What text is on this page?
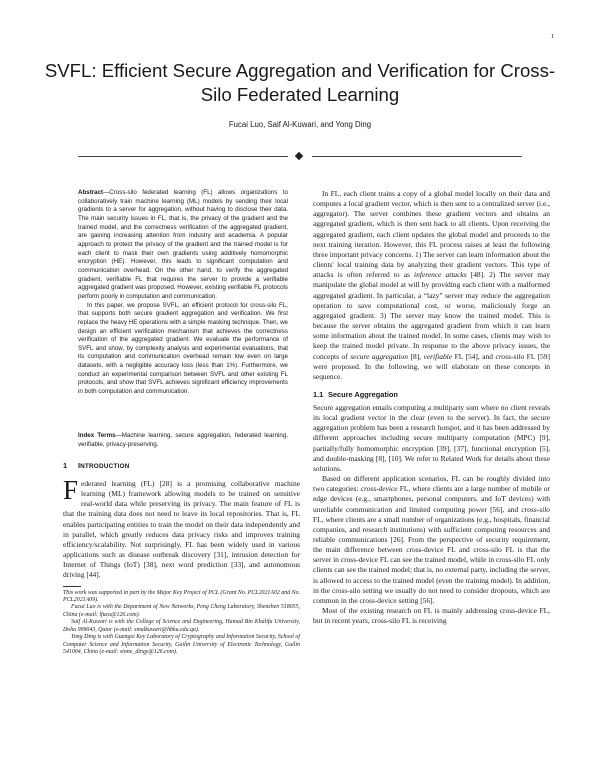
1
SVFL: Efficient Secure Aggregation and Verification for Cross-Silo Federated Learning
Fucai Luo, Saif Al-Kuwari, and Yong Ding

Abstract—Cross-silo federated learning (FL) allows organizations to collaboratively train machine learning (ML) models by sending their local gradients to a server for aggregation, without having to disclose their data. The main security issues in FL, that is, the privacy of the gradient and the trained model, and the correctness verification of the aggregated gradient, are gaining increasing attention from industry and academia. A popular approach to protect the privacy of the gradient and the trained model is for each client to mask their own gradients using additively homomorphic encryption (HE). However, this leads to significant computation and communication overhead. On the other hand, to verify the aggregated gradient, verifiable FL that requires the server to provide a verifiable aggregated gradient was proposed. However, existing verifiable FL protocols perform poorly in computation and communication.

In this paper, we propose SVFL, an efficient protocol for cross-silo FL, that supports both secure gradient aggregation and verification. We first replace the heavy HE operations with a simple masking technique. Then, we design an efficient verification mechanism that achieves the correctness verification of the aggregated gradient. We evaluate the performance of SVFL and show, by complexity analysis and experimental evaluations, that its computation and communication overhead remain low even on large datasets, with a negligible accuracy loss (less than 1%). Furthermore, we conduct an experimental comparison between SVFL and other existing FL protocols, and show that SVFL achieves significant efficiency improvements in both computation and communication.

Index Terms—Machine learning, secure aggregation, federated learning, verifiable, privacy-preserving.

1 INTRODUCTION

Federated learning (FL) [28] is a promising collaborative machine learning (ML) framework allowing models to be trained on sensitive real-world data while preserving its privacy. The main feature of FL is that the training data does not need to leave its local repositories. That is, FL enables participating entities to train the model on their data independently and in parallel, which greatly reduces data privacy risks and improves training efficiency/scalability. Not surprisingly, FL has been widely used in various applications such as disease outbreak discovery [31], intrusion detection for Internet of Things (IoT) [38], next word prediction [33], and autonomous driving [44].

This work was supported in part by the Major Key Project of PCL (Grant No. PCL2021A02 and No. PCL2021A09).

Fucai Luo is with the Department of New Networks, Peng Cheng Laboratory, Shenzhen 518055, China (e-mail: lfuca@126.com).

Saif Al-Kuwari is with the College of Science and Engineering, Hamad Bin Khalifa University, Doha 999043, Qatar (e-mail: smalkuwari@hbku.edu.qa).

Yong Ding is with Guangxi Key Laboratory of Cryptography and Information Security, School of Computer Science and Information Security, Guilin University of Electronic Technology, Guilin 541004, China (e-mail: stone_dingy@126.com).

In FL, each client trains a copy of a global model locally on their data and computes a local gradient vector, which is then sent to a centralized server (i.e., aggregator). The server combines these gradient vectors and obtains an aggregated gradient, which is then sent back to all clients. Upon receiving the aggregated gradient, each client updates the global model and proceeds to the next training iteration. However, this FL process raises at least the following three important privacy concerns. 1) The server can learn information about the clients' local training data by analyzing their gradient vectors. This type of attacks is often referred to as inference attacks [48]. 2) The server may manipulate the global model at will by providing each client with a malformed aggregated gradient. In particular, a “lazy” server may reduce the aggregation operation to save computational cost, or worse, maliciously forge an aggregated gradient. 3) The server may know the trained model. This is because the server obtains the aggregated gradient from which it can learn some information about the trained model. In some cases, clients may wish to keep the trained model private. In response to the above privacy issues, the concepts of secure aggregation [8], verifiable FL [54], and cross-silo FL [59] were proposed. In the following, we will elaborate on these concepts in sequence.

1.1 Secure Aggregation

Secure aggregation entails computing a multiparty sum where no client reveals its local gradient vector in the clear (even to the server). In fact, the secure aggregation problem has been a research hotspot, and it has been addressed by different approaches including secure multiparty computation (MPC) [9], partially/fully homomorphic encryption [39], [37], functional encryption [5], and double-masking [8], [10]. We refer to Related Work for details about these solutions.

Based on different application scenarios, FL can be roughly divided into two categories: cross-device FL, where clients are a large number of mobile or edge devices (e.g., smartphones, personal computers, and IoT devices) with unreliable communication and limited computing power [56], and cross-silo FL, where clients are a small number of organizations (e.g., hospitals, financial companies, and research institutions) with sufficient computing resources and reliable communications [26]. From the perspective of security requirement, the main difference between cross-device FL and cross-silo FL is that the server in cross-device FL can see the trained model, while in cross-silo FL only clients can see the trained model; that is, no external party, including the server, is allowed to access to the trained model (even the training model). In addition, in the cross-silo setting we usually do not need to consider dropouts, which are common in the cross-device setting [56].

Most of the existing research on FL is mainly addressing cross-device FL, but in recent years, cross-silo FL is receiving
